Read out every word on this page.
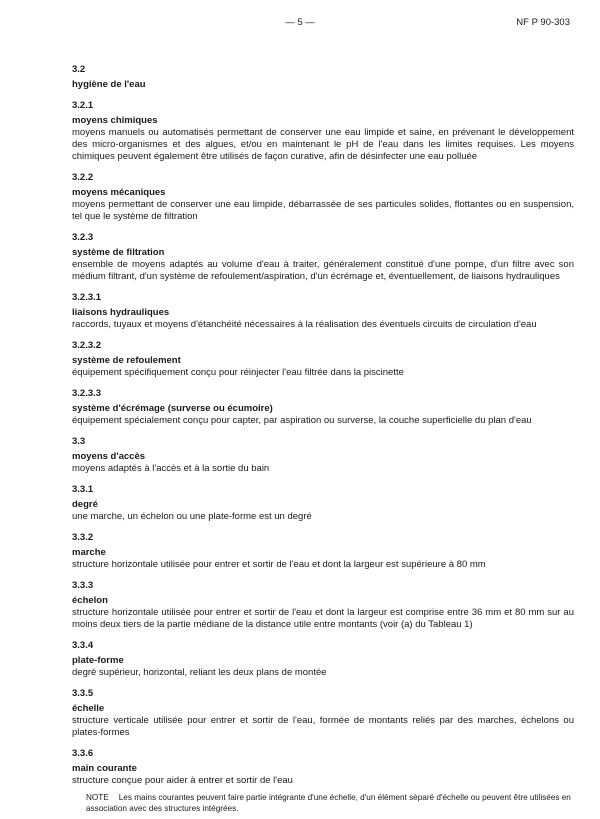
— 5 —	NF P 90-303
3.2
hygiène de l'eau
3.2.1
moyens chimiques
moyens manuels ou automatisés permettant de conserver une eau limpide et saine, en prévenant le développement des micro-organismes et des algues, et/ou en maintenant le pH de l'eau dans les limites requises. Les moyens chimiques peuvent également être utilisés de façon curative, afin de désinfecter une eau polluée
3.2.2
moyens mécaniques
moyens permettant de conserver une eau limpide, débarrassée de ses particules solides, flottantes ou en suspension, tel que le système de filtration
3.2.3
système de filtration
ensemble de moyens adaptés au volume d'eau à traiter, généralement constitué d'une pompe, d'un filtre avec son médium filtrant, d'un système de refoulement/aspiration, d'un écrémage et, éventuellement, de liaisons hydrauliques
3.2.3.1
liaisons hydrauliques
raccords, tuyaux et moyens d'étanchéité nécessaires à la réalisation des éventuels circuits de circulation d'eau
3.2.3.2
système de refoulement
équipement spécifiquement conçu pour réinjecter l'eau filtrée dans la piscinette
3.2.3.3
système d'écrémage (surverse ou écumoire)
équipement spécialement conçu pour capter, par aspiration ou surverse, la couche superficielle du plan d'eau
3.3
moyens d'accès
moyens adaptés à l'accès et à la sortie du bain
3.3.1
degré
une marche, un échelon ou une plate-forme est un degré
3.3.2
marche
structure horizontale utilisée pour entrer et sortir de l'eau et dont la largeur est supérieure à 80 mm
3.3.3
échelon
structure horizontale utilisée pour entrer et sortir de l'eau et dont la largeur est comprise entre 36 mm et 80 mm sur au moins deux tiers de la partie médiane de la distance utile entre montants (voir (a) du Tableau 1)
3.3.4
plate-forme
degré supérieur, horizontal, reliant les deux plans de montée
3.3.5
échelle
structure verticale utilisée pour entrer et sortir de l'eau, formée de montants reliés par des marches, échelons ou plates-formes
3.3.6
main courante
structure conçue pour aider à entrer et sortir de l'eau
NOTE Les mains courantes peuvent faire partie intégrante d'une échelle, d'un élément séparé d'échelle ou peuvent être utilisées en association avec des structures intégrées.
